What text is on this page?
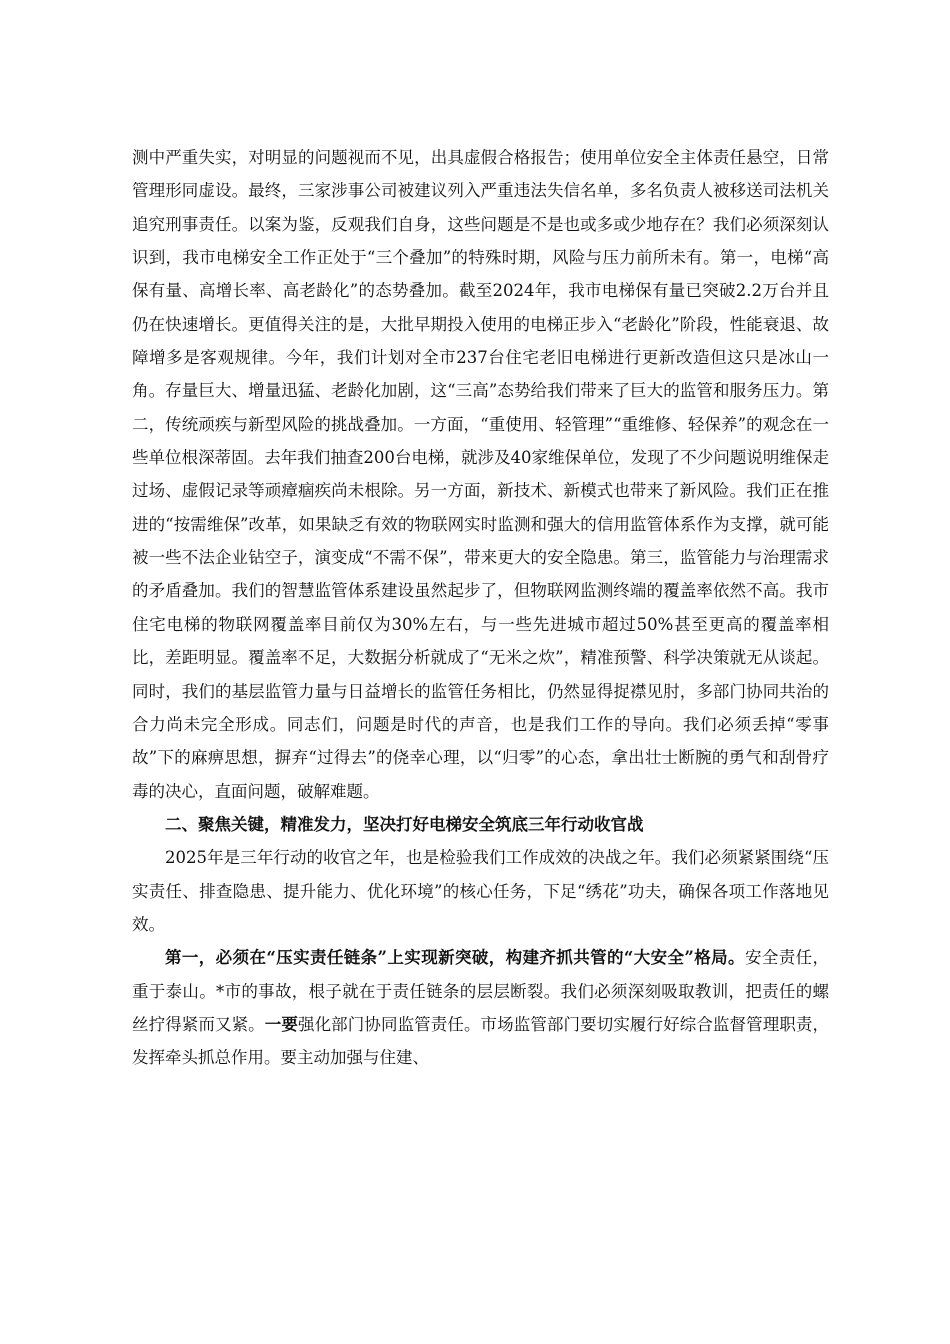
测中严重失实，对明显的问题视而不见，出具虚假合格报告；使用单位安全主体责任悬空，日常管理形同虚设。最终，三家涉事公司被建议列入严重违法失信名单，多名负责人被移送司法机关追究刑事责任。以案为鉴，反观我们自身，这些问题是不是也或多或少地存在？我们必须深刻认识到，我市电梯安全工作正处于“三个叠加”的特殊时期，风险与压力前所未有。第一，电梯“高保有量、高增长率、高老龄化”的态势叠加。截至2024年，我市电梯保有量已突破2.2万台并且仍在快速增长。更值得关注的是，大批早期投入使用的电梯正步入“老龄化”阶段，性能衰退、故障增多是客观规律。今年，我们计划对全市237台住宅老旧电梯进行更新改造但这只是冰山一角。存量巨大、增量迅猛、老龄化加剧，这“三高”态势给我们带来了巨大的监管和服务压力。第二，传统顽疾与新型风险的挑战叠加。一方面，“重使用、轻管理”“重维修、轻保养”的观念在一些单位根深蒂固。去年我们抽查200台电梯，就涉及40家维保单位，发现了不少问题说明维保走过场、虚假记录等顽瘴痼疾尚未根除。另一方面，新技术、新模式也带来了新风险。我们正在推进的“按需维保”改革，如果缺乏有效的物联网实时监测和强大的信用监管体系作为支撑，就可能被一些不法企业钻空子，演变成“不需不保”，带来更大的安全隐患。第三，监管能力与治理需求的矛盾叠加。我们的智慧监管体系建设虽然起步了，但物联网监测终端的覆盖率依然不高。我市住宅电梯的物联网覆盖率目前仅为30%左右，与一些先进城市超过50%甚至更高的覆盖率相比，差距明显。覆盖率不足，大数据分析就成了“无米之炊”，精准预警、科学决策就无从谈起。同时，我们的基层监管力量与日益增长的监管任务相比，仍然显得捉襟见肘，多部门协同共治的合力尚未完全形成。同志们，问题是时代的声音，也是我们工作的导向。我们必须丢掉“零事故”下的麻痹思想，摒弃“过得去”的侥幸心理，以“归零”的心态，拿出壮士断腕的勇气和刮骨疗毒的决心，直面问题，破解难题。

二、聚焦关键，精准发力，坚决打好电梯安全筑底三年行动收官战

2025年是三年行动的收官之年，也是检验我们工作成效的决战之年。我们必须紧紧围绕“压实责任、排查隐患、提升能力、优化环境”的核心任务，下足“绣花”功夫，确保各项工作落地见效。

第一，必须在“压实责任链条”上实现新突破，构建齐抓共管的“大安全”格局。安全责任，重于泰山。*市的事故，根子就在于责任链条的层层断裂。我们必须深刻吸取教训，把责任的螺丝拧得紧而又紧。一要强化部门协同监管责任。市场监管部门要切实履行好综合监督管理职责，发挥牵头抓总作用。要主动加强与住建、
